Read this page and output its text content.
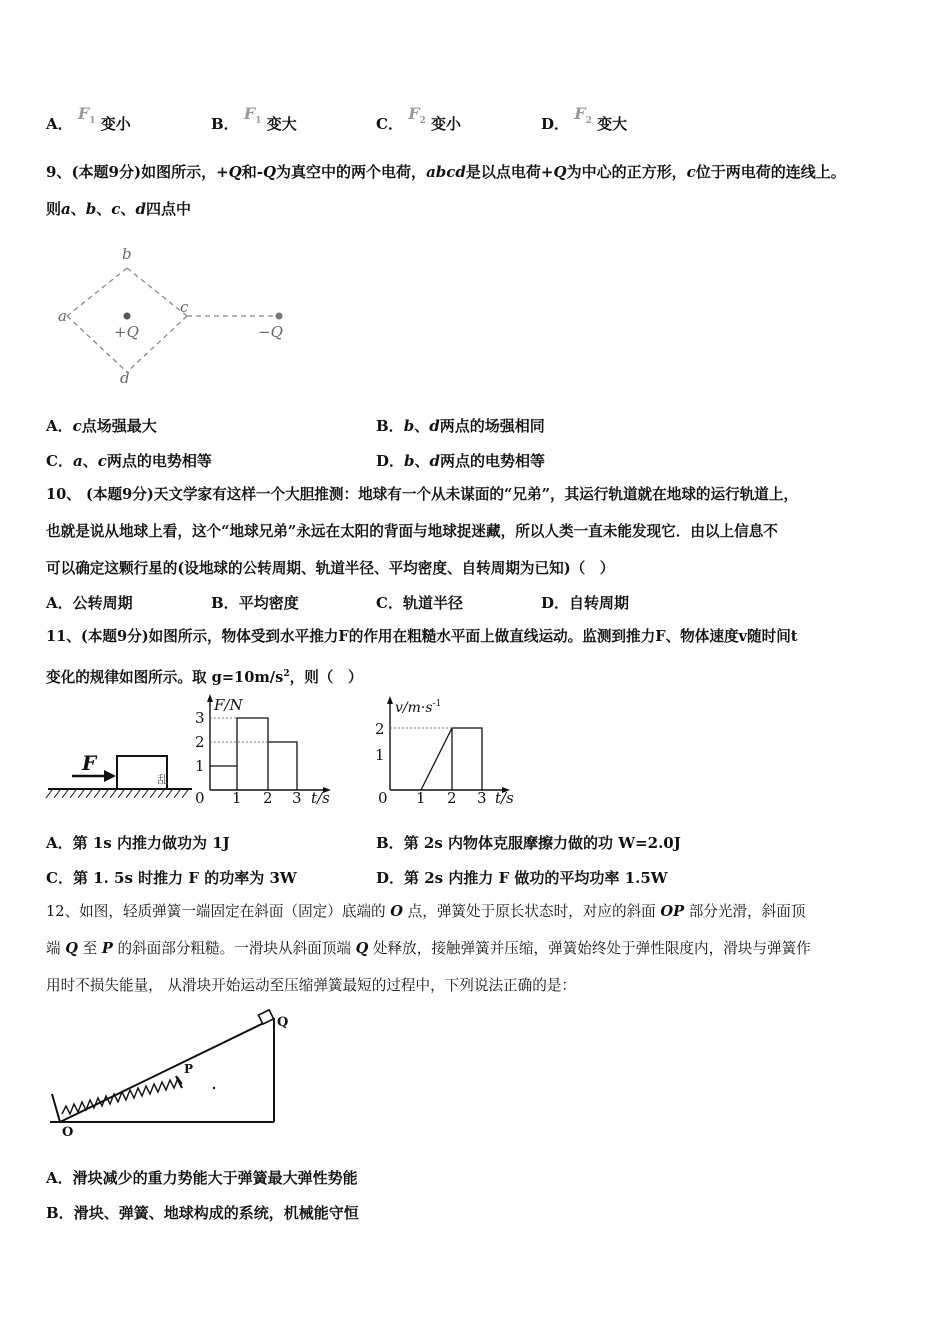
A． $F_1$ 变小	B． $F_1$ 变大	C． $F_2$ 变小	D． $F_2$ 变大
9、(本题9分)如图所示，+Q和-Q为真空中的两个电荷，abcd是以点电荷+Q为中心的正方形，c位于两电荷的连线上。
则a、b、c、d四点中
b
a	c
d
+Q	−Q
A．c点场强最大	B．b、d两点的场强相同
C．a、c两点的电势相等	D．b、d两点的电势相等
10、 (本题9分)天文学家有这样一个大胆推测：地球有一个从未谋面的“兄弟”，其运行轨道就在地球的运行轨道上，
也就是说从地球上看，这个“地球兄弟”永远在太阳的背面与地球捉迷藏，所以人类一直未能发现它．由以上信息不
可以确定这颗行星的(设地球的公转周期、轨道半径、平均密度、自转周期为已知)（　）
A．公转周期	B．平均密度	C．轨道半径	D．自转周期
11、(本题9分)如图所示，物体受到水平推力F的作用在粗糙水平面上做直线运动。监测到推力F、物体速度v随时间t
变化的规律如图所示。取 $g=10m/s^2$，则（　）
乱
F
F/N
3
2
1
0 1 2 3 t/s
$v/m\cdot s^{-1}$
2
1
0 1 2 3 t/s
A．第 1s 内推力做功为 1J	B．第 2s 内物体克服摩擦力做的功 W=2.0J
C．第 1. 5s 时推力 F 的功率为 3W	D．第 2s 内推力 F 做功的平均功率 1.5W
12、如图，轻质弹簧一端固定在斜面（固定）底端的 O 点，弹簧处于原长状态时，对应的斜面 OP 部分光滑，斜面顶
端 Q 至 P 的斜面部分粗糙。一滑块从斜面顶端 Q 处释放，接触弹簧并压缩，弹簧始终处于弹性限度内，滑块与弹簧作
用时不损失能量， 从滑块开始运动至压缩弹簧最短的过程中，下列说法正确的是：
O
P
Q
A．滑块减少的重力势能大于弹簧最大弹性势能
B．滑块、弹簧、地球构成的系统，机械能守恒
